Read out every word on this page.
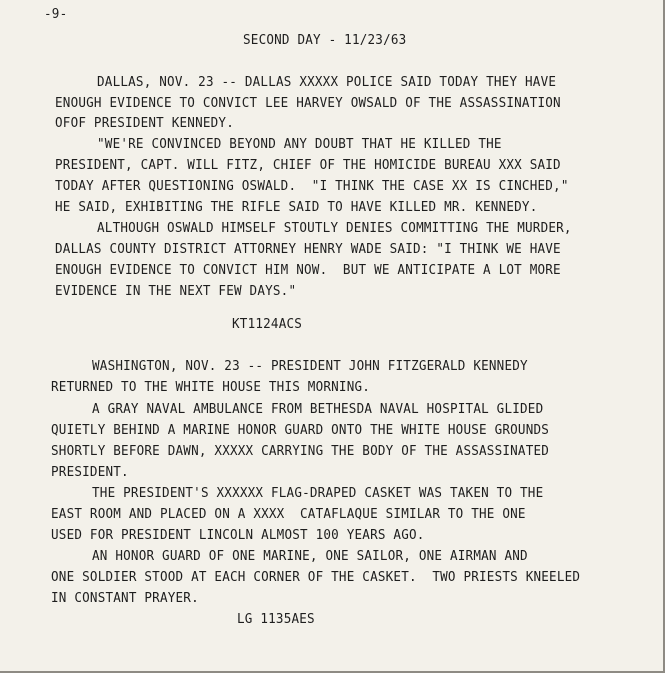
-9-

SECOND DAY - 11/23/63

DALLAS, NOV. 23 -- DALLAS XXXXX POLICE SAID TODAY THEY HAVE

ENOUGH EVIDENCE TO CONVICT LEE HARVEY OWSALD OF THE ASSASSINATION

OFOF PRESIDENT KENNEDY.

"WE'RE CONVINCED BEYOND ANY DOUBT THAT HE KILLED THE

PRESIDENT, CAPT. WILL FITZ, CHIEF OF THE HOMICIDE BUREAU XXX SAID

TODAY AFTER QUESTIONING OSWALD.  "I THINK THE CASE XX IS CINCHED,"

HE SAID, EXHIBITING THE RIFLE SAID TO HAVE KILLED MR. KENNEDY.

ALTHOUGH OSWALD HIMSELF STOUTLY DENIES COMMITTING THE MURDER,

DALLAS COUNTY DISTRICT ATTORNEY HENRY WADE SAID: "I THINK WE HAVE

ENOUGH EVIDENCE TO CONVICT HIM NOW.  BUT WE ANTICIPATE A LOT MORE

EVIDENCE IN THE NEXT FEW DAYS."

KT1124ACS

WASHINGTON, NOV. 23 -- PRESIDENT JOHN FITZGERALD KENNEDY

RETURNED TO THE WHITE HOUSE THIS MORNING.

A GRAY NAVAL AMBULANCE FROM BETHESDA NAVAL HOSPITAL GLIDED

QUIETLY BEHIND A MARINE HONOR GUARD ONTO THE WHITE HOUSE GROUNDS

SHORTLY BEFORE DAWN, XXXXX CARRYING THE BODY OF THE ASSASSINATED

PRESIDENT.

THE PRESIDENT'S XXXXXX FLAG-DRAPED CASKET WAS TAKEN TO THE

EAST ROOM AND PLACED ON A XXXX  CATAFLAQUE SIMILAR TO THE ONE

USED FOR PRESIDENT LINCOLN ALMOST 100 YEARS AGO.

AN HONOR GUARD OF ONE MARINE, ONE SAILOR, ONE AIRMAN AND

ONE SOLDIER STOOD AT EACH CORNER OF THE CASKET.  TWO PRIESTS KNEELED

IN CONSTANT PRAYER.

LG 1135AES
